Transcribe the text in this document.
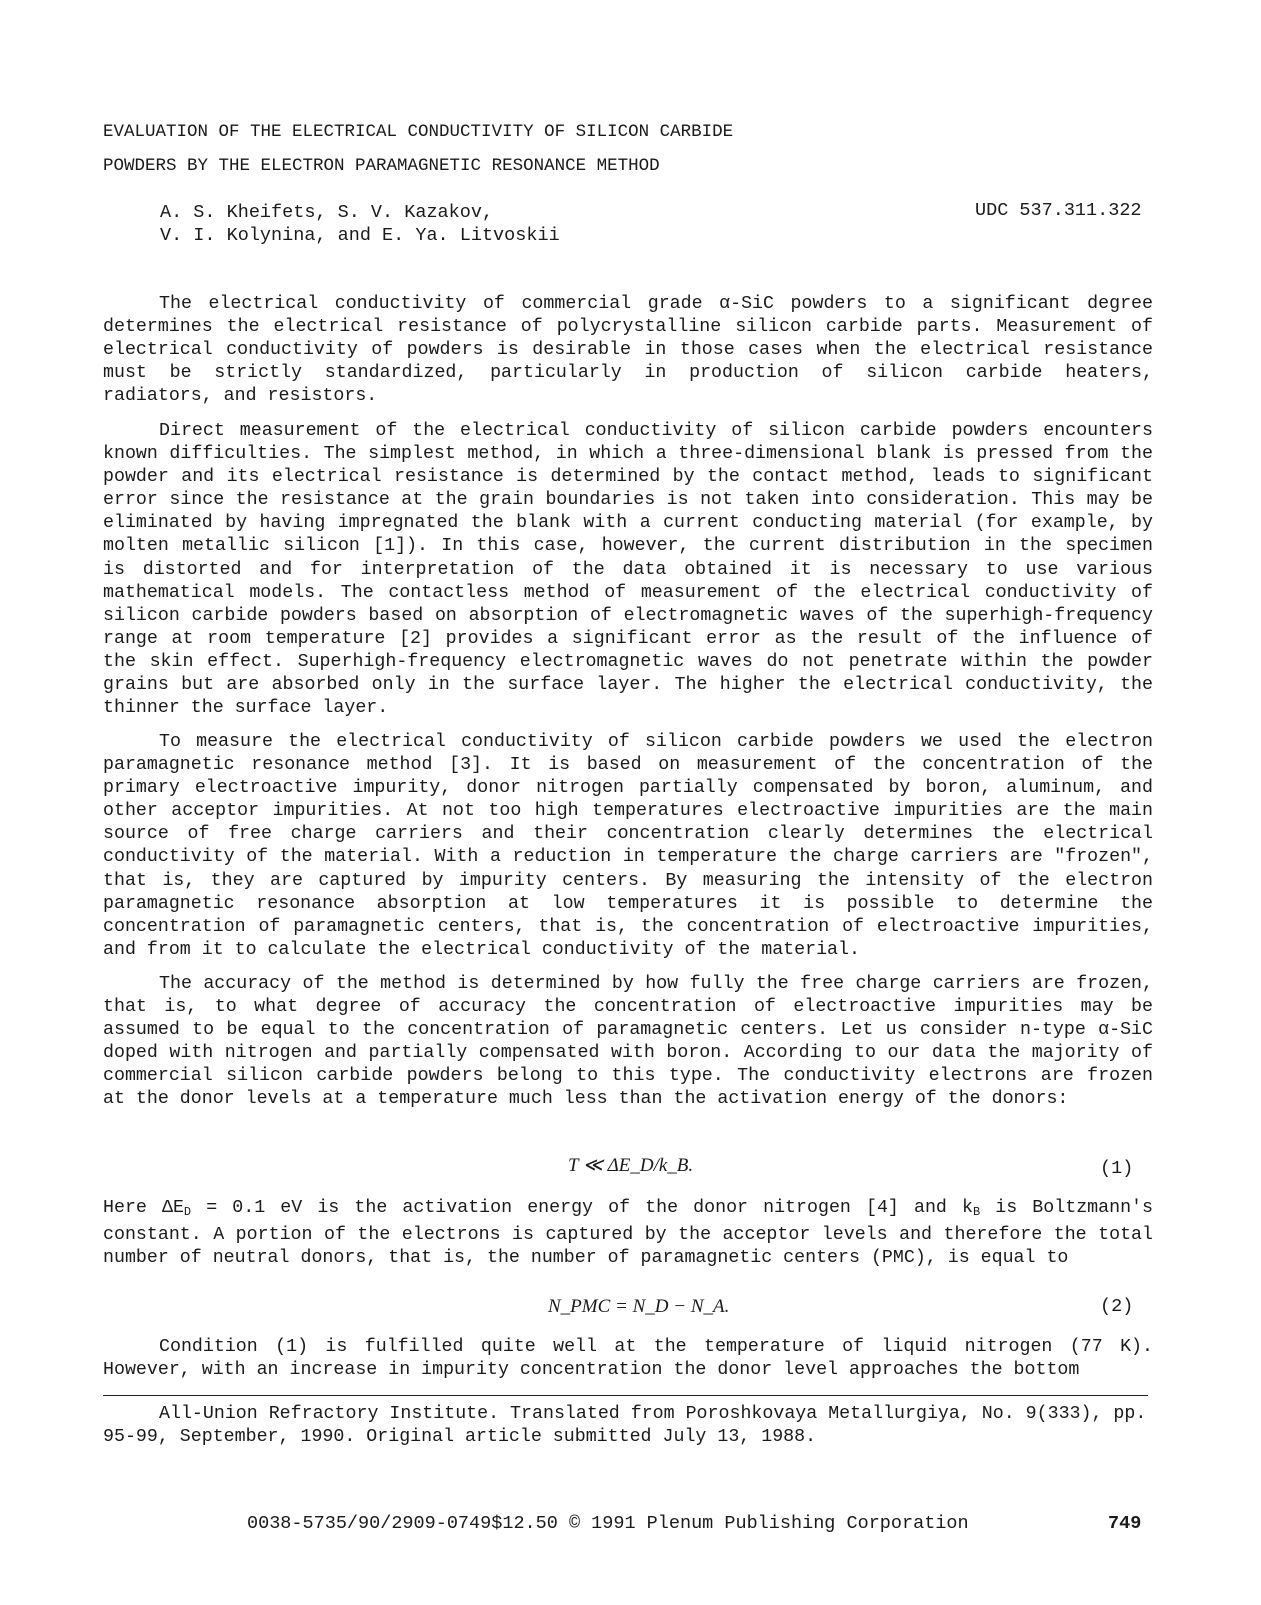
EVALUATION OF THE ELECTRICAL CONDUCTIVITY OF SILICON CARBIDE
POWDERS BY THE ELECTRON PARAMAGNETIC RESONANCE METHOD
A. S. Kheifets, S. V. Kazakov,
V. I. Kolynina, and E. Ya. Litvoskii
UDC 537.311.322

The electrical conductivity of commercial grade α-SiC powders to a significant degree determines the electrical resistance of polycrystalline silicon carbide parts. Measurement of electrical conductivity of powders is desirable in those cases when the electrical resistance must be strictly standardized, particularly in production of silicon carbide heaters, radiators, and resistors.

Direct measurement of the electrical conductivity of silicon carbide powders encounters known difficulties. The simplest method, in which a three-dimensional blank is pressed from the powder and its electrical resistance is determined by the contact method, leads to significant error since the resistance at the grain boundaries is not taken into consideration. This may be eliminated by having impregnated the blank with a current conducting material (for example, by molten metallic silicon [1]). In this case, however, the current distribution in the specimen is distorted and for interpretation of the data obtained it is necessary to use various mathematical models. The contactless method of measurement of the electrical conductivity of silicon carbide powders based on absorption of electromagnetic waves of the superhigh-frequency range at room temperature [2] provides a significant error as the result of the influence of the skin effect. Superhigh-frequency electromagnetic waves do not penetrate within the powder grains but are absorbed only in the surface layer. The higher the electrical conductivity, the thinner the surface layer.

To measure the electrical conductivity of silicon carbide powders we used the electron paramagnetic resonance method [3]. It is based on measurement of the concentration of the primary electroactive impurity, donor nitrogen partially compensated by boron, aluminum, and other acceptor impurities. At not too high temperatures electroactive impurities are the main source of free charge carriers and their concentration clearly determines the electrical conductivity of the material. With a reduction in temperature the charge carriers are "frozen", that is, they are captured by impurity centers. By measuring the intensity of the electron paramagnetic resonance absorption at low temperatures it is possible to determine the concentration of paramagnetic centers, that is, the concentration of electroactive impurities, and from it to calculate the electrical conductivity of the material.

The accuracy of the method is determined by how fully the free charge carriers are frozen, that is, to what degree of accuracy the concentration of electroactive impurities may be assumed to be equal to the concentration of paramagnetic centers. Let us consider n-type α-SiC doped with nitrogen and partially compensated with boron. According to our data the majority of commercial silicon carbide powders belong to this type. The conductivity electrons are frozen at the donor levels at a temperature much less than the activation energy of the donors:

T ≪ ΔE_D/k_B.	(1)

Here $\Delta E_D = 0.1$ eV is the activation energy of the donor nitrogen [4] and $k_B$ is Boltzmann's constant. A portion of the electrons is captured by the acceptor levels and therefore the total number of neutral donors, that is, the number of paramagnetic centers (PMC), is equal to

N_PMC = N_D − N_A.	(2)

Condition (1) is fulfilled quite well at the temperature of liquid nitrogen (77 K). However, with an increase in impurity concentration the donor level approaches the bottom

All-Union Refractory Institute. Translated from Poroshkovaya Metallurgiya, No. 9(333), pp. 95-99, September, 1990. Original article submitted July 13, 1988.

0038-5735/90/2909-0749$12.50 © 1991 Plenum Publishing Corporation	749
